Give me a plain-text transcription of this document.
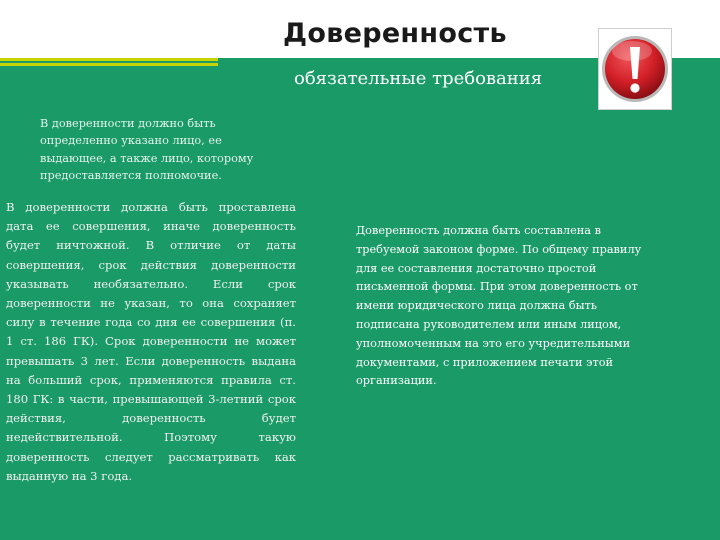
Доверенность
обязательные требования
В доверенности должно быть определенно указано лицо, ее выдающее, а также лицо, которому предоставляется полномочие.
В доверенности должна быть проставлена дата ее совершения, иначе доверенность будет ничтожной. В отличие от даты совершения, срок действия доверенности указывать необязательно. Если срок доверенности не указан, то она сохраняет силу в течение года со дня ее совершения (п. 1 ст. 186 ГК). Срок доверенности не может превышать 3 лет. Если доверенность выдана на больший срок, применяются правила ст. 180 ГК: в части, превышающей 3-летний срок действия, доверенность будет недействительной. Поэтому такую доверенность следует рассматривать как выданную на 3 года.
Доверенность должна быть составлена в требуемой законом форме. По общему правилу для ее составления достаточно простой письменной формы. При этом доверенность от имени юридического лица должна быть подписана руководителем или иным лицом, уполномоченным на это его учредительными документами, с приложением печати этой организации.
